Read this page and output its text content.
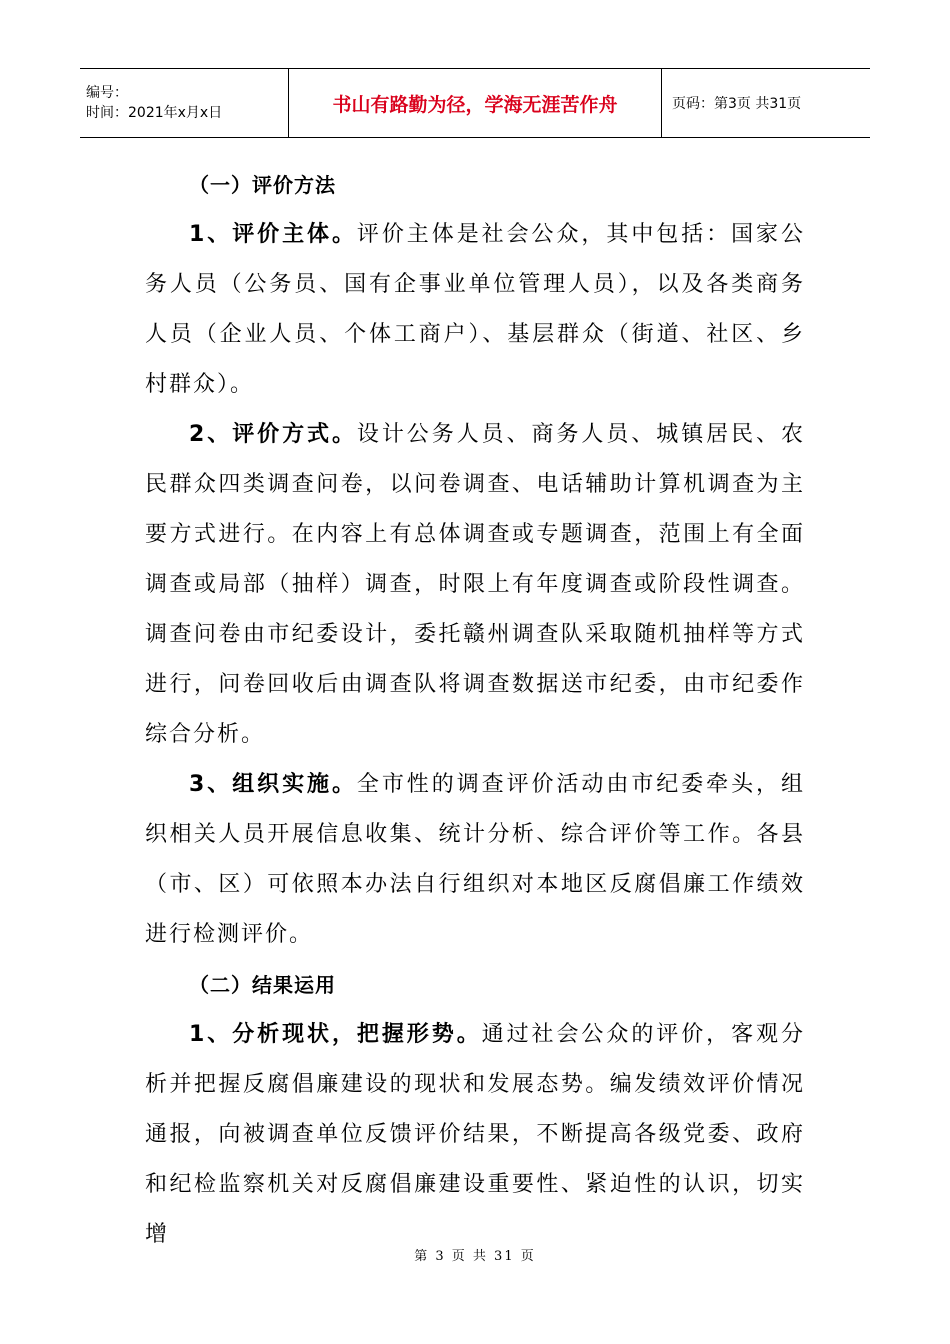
编号：
时间：2021年x月x日	书山有路勤为径，学海无涯苦作舟	页码：第3页 共31页

（一）评价方法

1、评价主体。评价主体是社会公众，其中包括：国家公务人员（公务员、国有企事业单位管理人员），以及各类商务人员（企业人员、个体工商户）、基层群众（街道、社区、乡村群众）。

2、评价方式。设计公务人员、商务人员、城镇居民、农民群众四类调查问卷，以问卷调查、电话辅助计算机调查为主要方式进行。在内容上有总体调查或专题调查，范围上有全面调查或局部（抽样）调查，时限上有年度调查或阶段性调查。调查问卷由市纪委设计，委托赣州调查队采取随机抽样等方式进行，问卷回收后由调查队将调查数据送市纪委，由市纪委作综合分析。

3、组织实施。全市性的调查评价活动由市纪委牵头，组织相关人员开展信息收集、统计分析、综合评价等工作。各县（市、区）可依照本办法自行组织对本地区反腐倡廉工作绩效进行检测评价。

（二）结果运用

1、分析现状，把握形势。通过社会公众的评价，客观分析并把握反腐倡廉建设的现状和发展态势。编发绩效评价情况通报，向被调查单位反馈评价结果，不断提高各级党委、政府和纪检监察机关对反腐倡廉建设重要性、紧迫性的认识，切实增

第 3 页 共 31 页
